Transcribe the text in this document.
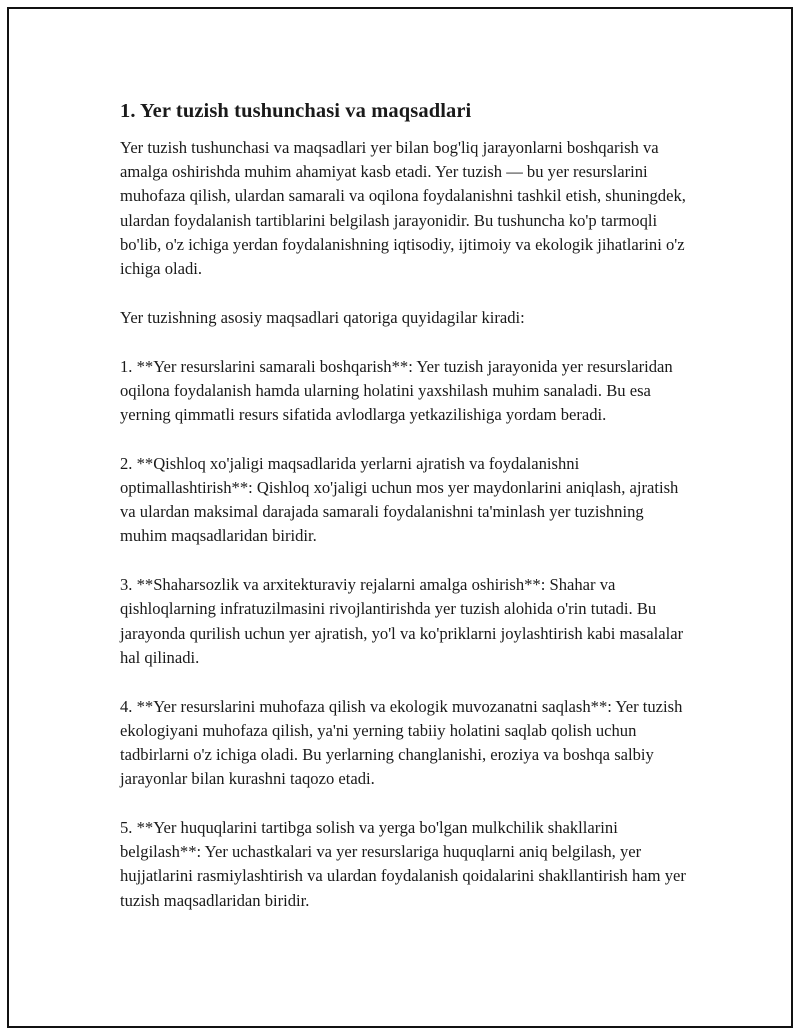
1. Yer tuzish tushunchasi va maqsadlari

Yer tuzish tushunchasi va maqsadlari yer bilan bog'liq jarayonlarni boshqarish va amalga oshirishda muhim ahamiyat kasb etadi. Yer tuzish — bu yer resurslarini muhofaza qilish, ulardan samarali va oqilona foydalanishni tashkil etish, shuningdek, ulardan foydalanish tartiblarini belgilash jarayonidir. Bu tushuncha ko'p tarmoqli bo'lib, o'z ichiga yerdan foydalanishning iqtisodiy, ijtimoiy va ekologik jihatlarini o'z ichiga oladi.

Yer tuzishning asosiy maqsadlari qatoriga quyidagilar kiradi:

1. **Yer resurslarini samarali boshqarish**: Yer tuzish jarayonida yer resurslaridan oqilona foydalanish hamda ularning holatini yaxshilash muhim sanaladi. Bu esa yerning qimmatli resurs sifatida avlodlarga yetkazilishiga yordam beradi.

2. **Qishloq xo'jaligi maqsadlarida yerlarni ajratish va foydalanishni optimallashtirish**: Qishloq xo'jaligi uchun mos yer maydonlarini aniqlash, ajratish va ulardan maksimal darajada samarali foydalanishni ta'minlash yer tuzishning muhim maqsadlaridan biridir.

3. **Shaharsozlik va arxitekturaviy rejalarni amalga oshirish**: Shahar va qishloqlarning infratuzilmasini rivojlantirishda yer tuzish alohida o'rin tutadi. Bu jarayonda qurilish uchun yer ajratish, yo'l va ko'priklarni joylashtirish kabi masalalar hal qilinadi.

4. **Yer resurslarini muhofaza qilish va ekologik muvozanatni saqlash**: Yer tuzish ekologiyani muhofaza qilish, ya'ni yerning tabiiy holatini saqlab qolish uchun tadbirlarni o'z ichiga oladi. Bu yerlarning changlanishi, eroziya va boshqa salbiy jarayonlar bilan kurashni taqozo etadi.

5. **Yer huquqlarini tartibga solish va yerga bo'lgan mulkchilik shakllarini belgilash**: Yer uchastkalari va yer resurslariga huquqlarni aniq belgilash, yer hujjatlarini rasmiylashtirish va ulardan foydalanish qoidalarini shakllantirish ham yer tuzish maqsadlaridan biridir.
